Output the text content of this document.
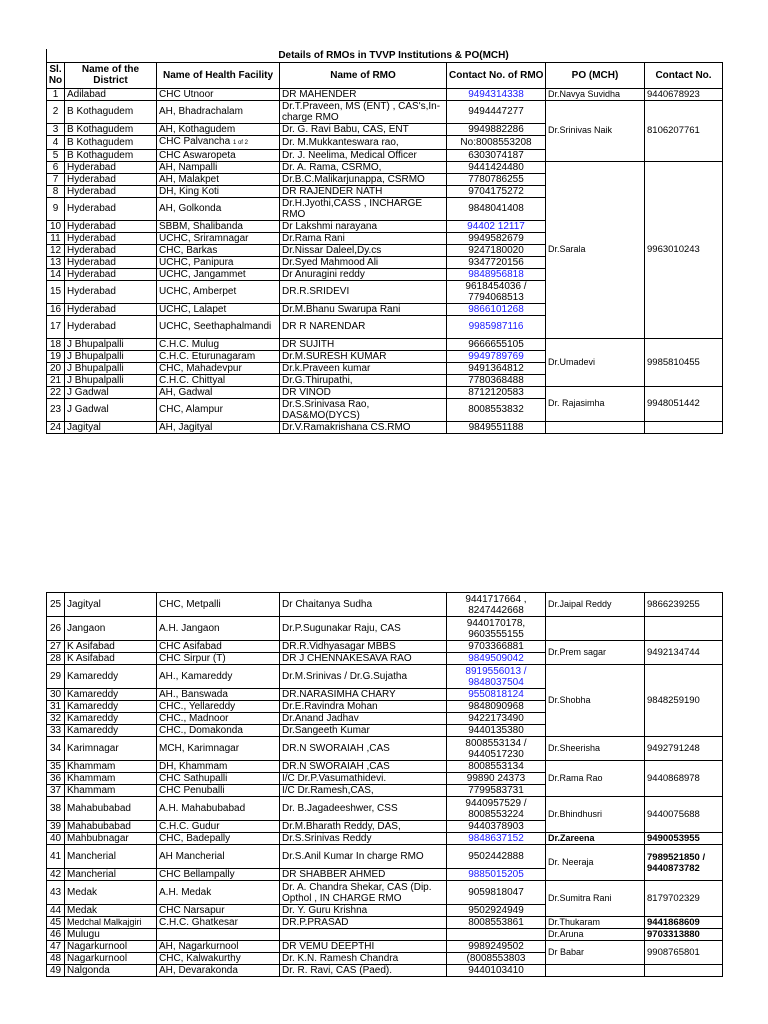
	Details of RMOs in TVVP Institutions & PO(MCH)					
Sl. No	Name of the District	Name of Health Facility	Name of RMO	Contact No. of RMO	PO (MCH)	Contact No.
1	Adilabad	CHC Utnoor	DR MAHENDER	9494314338	Dr.Navya Suvidha	9440678923
2	B Kothagudem	AH, Bhadrachalam	Dr.T.Praveen, MS (ENT) , CAS's,In-charge RMO	9494447277	Dr.Srinivas Naik	8106207761
3	B Kothagudem	AH, Kothagudem	Dr. G. Ravi Babu, CAS, ENT	9949882286		
4	B Kothagudem	CHC Palvancha 1 of 2	Dr. M.Mukkanteswara rao,	No:8008553208		
5	B Kothagudem	CHC Aswaropeta	Dr. J. Neelima, Medical Officer	6303074187		
6	Hyderabad	AH, Nampalli	Dr. A. Rama, CSRMO,	9441424480	Dr.Sarala	9963010243
7	Hyderabad	AH, Malakpet	Dr.B.C.Malikarjunappa, CSRMO	7780786255		
8	Hyderabad	DH, King Koti	DR RAJENDER NATH	9704175272		
9	Hyderabad	AH, Golkonda	Dr.H.Jyothi,CASS , INCHARGE RMO	9848041408		
10	Hyderabad	SBBM, Shalibanda	Dr Lakshmi narayana	94402 12117		
11	Hyderabad	UCHC, Sriramnagar	Dr.Rama Rani	9949582679		
12	Hyderabad	CHC, Barkas	Dr.Nissar Daleel,Dy.cs	9247180020		
13	Hyderabad	UCHC, Panipura	Dr.Syed Mahmood Ali	9347720156		
14	Hyderabad	UCHC, Jangammet	Dr Anuragini reddy	9848956818		
15	Hyderabad	UCHC, Amberpet	DR.R.SRIDEVI	9618454036 / 7794068513		
16	Hyderabad	UCHC, Lalapet	Dr.M.Bhanu Swarupa Rani	9866101268		
17	Hyderabad	UCHC, Seethaphalmandi	DR R NARENDAR	9985987116		
18	J Bhupalpalli	C.H.C. Mulug	DR SUJITH	9666655105	Dr.Umadevi	9985810455
19	J Bhupalpalli	C.H.C. Eturunagaram	Dr.M.SURESH KUMAR	9949789769		
20	J Bhupalpalli	CHC, Mahadevpur	Dr.k.Praveen kumar	9491364812		
21	J Bhupalpalli	C.H.C. Chittyal	Dr.G.Thirupathi,	7780368488		
22	J Gadwal	AH, Gadwal	DR VINOD	8712120583	Dr. Rajasimha	9948051442
23	J Gadwal	CHC, Alampur	Dr.S.Srinivasa Rao, DAS&MO(DYCS)	8008553832		
24	Jagityal	AH, Jagityal	Dr.V.Ramakrishana CS.RMO	9849551188		
25	Jagityal	CHC, Metpalli	Dr Chaitanya Sudha	9441717664 , 8247442668	Dr.Jaipal Reddy	9866239255
26	Jangaon	A.H. Jangaon	Dr.P.Sugunakar Raju, CAS	9440170178, 9603555155		
27	K Asifabad	CHC Asifabad	DR.R.Vidhyasagar MBBS	9703366881	Dr.Prem sagar	9492134744
28	K Asifabad	CHC Sirpur (T)	DR J CHENNAKESAVA RAO	9849509042		
29	Kamareddy	AH., Kamareddy	Dr.M.Srinivas / Dr.G.Sujatha	8919556013 / 9848037504	Dr.Shobha	9848259190
30	Kamareddy	AH., Banswada	DR.NARASIMHA CHARY	9550818124		
31	Kamareddy	CHC., Yellareddy	Dr.E.Ravindra Mohan	9848090968		
32	Kamareddy	CHC., Madnoor	Dr.Anand Jadhav	9422173490		
33	Kamareddy	CHC., Domakonda	Dr.Sangeeth Kumar	9440135380		
34	Karimnagar	MCH, Karimnagar	DR.N SWORAIAH ,CAS	8008553134 / 9440517230	Dr.Sheerisha	9492791248
35	Khammam	DH, Khammam	DR.N SWORAIAH ,CAS	8008553134	Dr.Rama Rao	9440868978
36	Khammam	CHC Sathupalli	I/C Dr.P.Vasumathidevi.	99890 24373		
37	Khammam	CHC Penuballi	I/C Dr.Ramesh,CAS,	7799583731		
38	Mahabubabad	A.H. Mahabubabad	Dr. B.Jagadeeshwer, CSS	9440957529 / 8008553224	Dr.Bhindhusri	9440075688
39	Mahabubabad	C.H.C. Gudur	Dr.M.Bharath Reddy, DAS,	9440378903		
40	Mahbubnagar	CHC, Badepally	Dr.S.Srinivas Reddy	9848637152	Dr.Zareena	9490053955
41	Mancherial	AH Mancherial	Dr.S.Anil Kumar In charge RMO	9502442888	Dr. Neeraja	7989521850 / 9440873782
42	Mancherial	CHC Bellampally	DR SHABBER AHMED	9885015205		
43	Medak	A.H. Medak	Dr. A. Chandra Shekar, CAS (Dip. Opthol , IN CHARGE RMO	9059818047	Dr.Sumitra Rani	8179702329
44	Medak	CHC Narsapur	Dr. Y. Guru Krishna	9502924949		
45	Medchal Malkajgiri	C.H.C. Ghatkesar	DR.P.PRASAD	8008553861	Dr.Thukaram	9441868609
46	Mulugu				Dr.Aruna	9703313880
47	Nagarkurnool	AH, Nagarkurnool	DR VEMU DEEPTHI	9989249502	Dr Babar	9908765801
48	Nagarkurnool	CHC, Kalwakurthy	Dr. K.N. Ramesh Chandra	(8008553803		
49	Nalgonda	AH, Devarakonda	Dr. R. Ravi, CAS (Paed).	9440103410		
